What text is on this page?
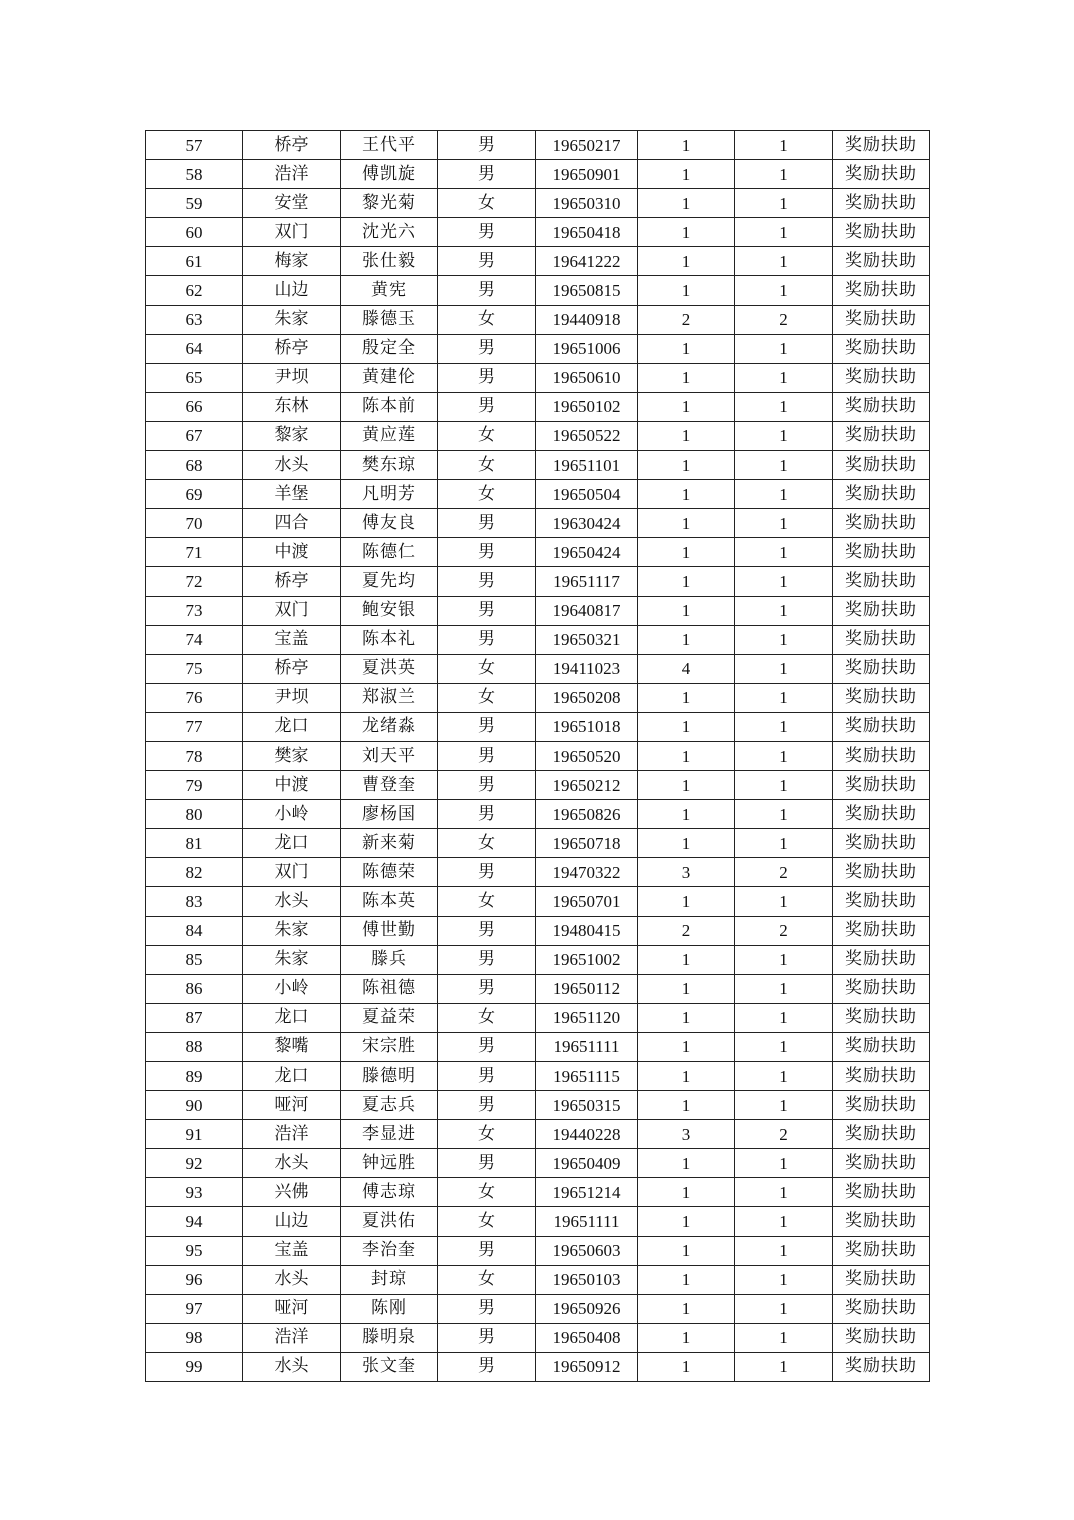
57	桥亭	王代平	男	19650217	1	1	奖励扶助
58	浩洋	傅凯旋	男	19650901	1	1	奖励扶助
59	安堂	黎光菊	女	19650310	1	1	奖励扶助
60	双门	沈光六	男	19650418	1	1	奖励扶助
61	梅家	张仕毅	男	19641222	1	1	奖励扶助
62	山边	黄宪	男	19650815	1	1	奖励扶助
63	朱家	滕德玉	女	19440918	2	2	奖励扶助
64	桥亭	殷定全	男	19651006	1	1	奖励扶助
65	尹坝	黄建伦	男	19650610	1	1	奖励扶助
66	东林	陈本前	男	19650102	1	1	奖励扶助
67	黎家	黄应莲	女	19650522	1	1	奖励扶助
68	水头	樊东琼	女	19651101	1	1	奖励扶助
69	羊堡	凡明芳	女	19650504	1	1	奖励扶助
70	四合	傅友良	男	19630424	1	1	奖励扶助
71	中渡	陈德仁	男	19650424	1	1	奖励扶助
72	桥亭	夏先均	男	19651117	1	1	奖励扶助
73	双门	鲍安银	男	19640817	1	1	奖励扶助
74	宝盖	陈本礼	男	19650321	1	1	奖励扶助
75	桥亭	夏洪英	女	19411023	4	1	奖励扶助
76	尹坝	郑淑兰	女	19650208	1	1	奖励扶助
77	龙口	龙绪淼	男	19651018	1	1	奖励扶助
78	樊家	刘天平	男	19650520	1	1	奖励扶助
79	中渡	曹登奎	男	19650212	1	1	奖励扶助
80	小岭	廖杨国	男	19650826	1	1	奖励扶助
81	龙口	新来菊	女	19650718	1	1	奖励扶助
82	双门	陈德荣	男	19470322	3	2	奖励扶助
83	水头	陈本英	女	19650701	1	1	奖励扶助
84	朱家	傅世勤	男	19480415	2	2	奖励扶助
85	朱家	滕兵	男	19651002	1	1	奖励扶助
86	小岭	陈祖德	男	19650112	1	1	奖励扶助
87	龙口	夏益荣	女	19651120	1	1	奖励扶助
88	黎嘴	宋宗胜	男	19651111	1	1	奖励扶助
89	龙口	滕德明	男	19651115	1	1	奖励扶助
90	哑河	夏志兵	男	19650315	1	1	奖励扶助
91	浩洋	李显进	女	19440228	3	2	奖励扶助
92	水头	钟远胜	男	19650409	1	1	奖励扶助
93	兴佛	傅志琼	女	19651214	1	1	奖励扶助
94	山边	夏洪佑	女	19651111	1	1	奖励扶助
95	宝盖	李治奎	男	19650603	1	1	奖励扶助
96	水头	封琼	女	19650103	1	1	奖励扶助
97	哑河	陈刚	男	19650926	1	1	奖励扶助
98	浩洋	滕明泉	男	19650408	1	1	奖励扶助
99	水头	张文奎	男	19650912	1	1	奖励扶助
